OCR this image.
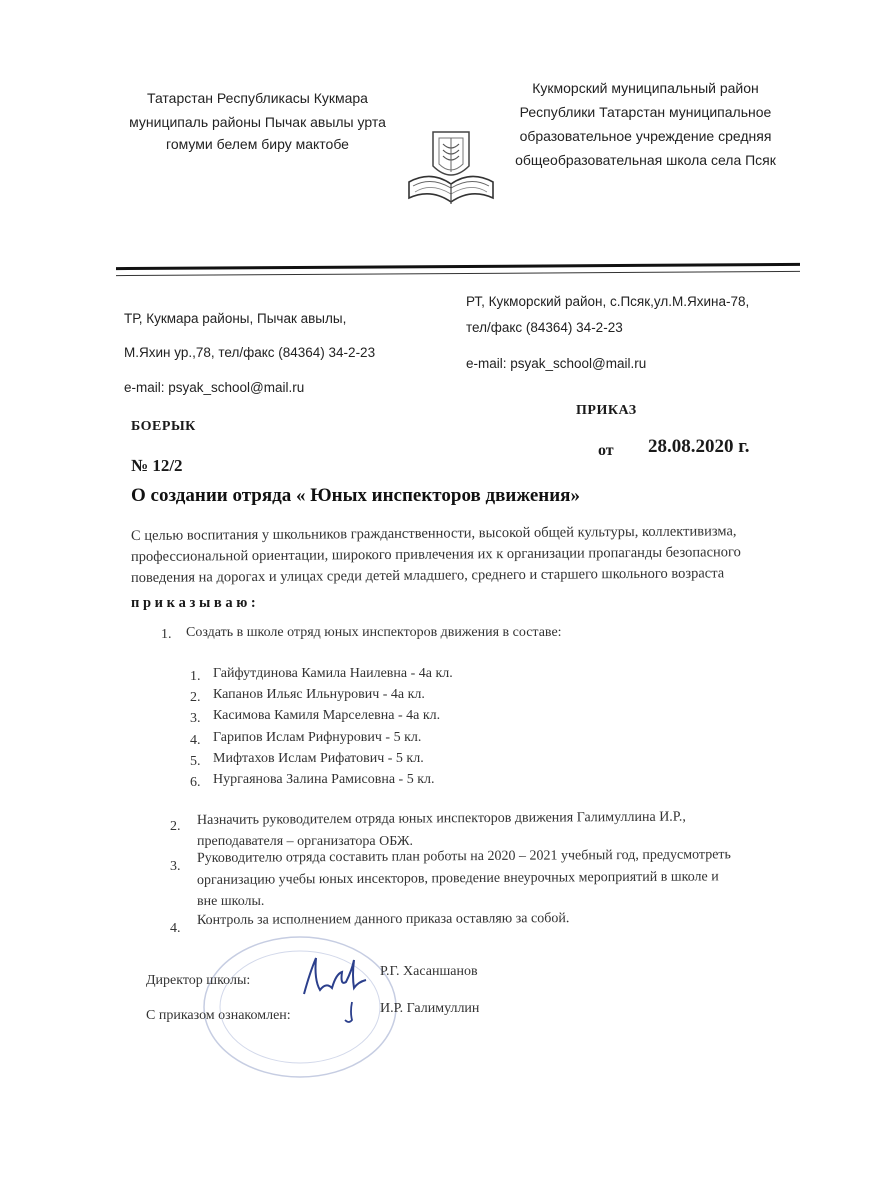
Татарстан Республикасы Кукмара
муниципаль районы Пычак авылы урта
гомуми белем биру мактобе
Кукморский муниципальный район
Республики Татарстан муниципальное
образовательное учреждение средняя
общеобразовательная школа села Псяк
ТР, Кукмара районы, Пычак авылы,
М.Яхин ур.,78, тел/факс (84364) 34-2-23
e-mail: psyak_school@mail.ru
РТ, Кукморский район, с.Псяк,ул.М.Яхина-78,
тел/факс (84364) 34-2-23
e-mail: psyak_school@mail.ru
БОЕРЫК
ПРИКАЗ
№ 12/2
от 28.08.2020 г.
О создании отряда « Юных инспекторов движения»
С целью воспитания у школьников гражданственности, высокой общей культуры, коллективизма,
профессиональной ориентации, широкого привлечения их к организации пропаганды безопасного
поведения на дорогах и улицах среди детей младшего, среднего и старшего школьного возраста
п р и к а з ы в а ю :
1. Создать в школе отряд юных инспекторов движения в составе:
1. Гайфутдинова Камила Наилевна - 4а кл.
2. Капанов Ильяс Ильнурович - 4а кл.
3. Касимова Камиля Марселевна - 4а кл.
4. Гарипов Ислам Рифнурович - 5 кл.
5. Мифтахов Ислам Рифатович - 5 кл.
6. Нургаянова Залина Рамисовна - 5 кл.
2. Назначить руководителем отряда юных инспекторов движения Галимуллина И.Р.,
преподавателя – организатора ОБЖ.
3.
Руководителю отряда составить план роботы на 2020 – 2021 учебный год, предусмотреть
организацию учебы юных инсекторов, проведение внеурочных мероприятий в школе и
вне школы.
4.
Контроль за исполнением данного приказа оставляю за собой.
Директор школы:
Р.Г. Хасаншанов
С приказом ознакомлен:	И.Р. Галимуллин
